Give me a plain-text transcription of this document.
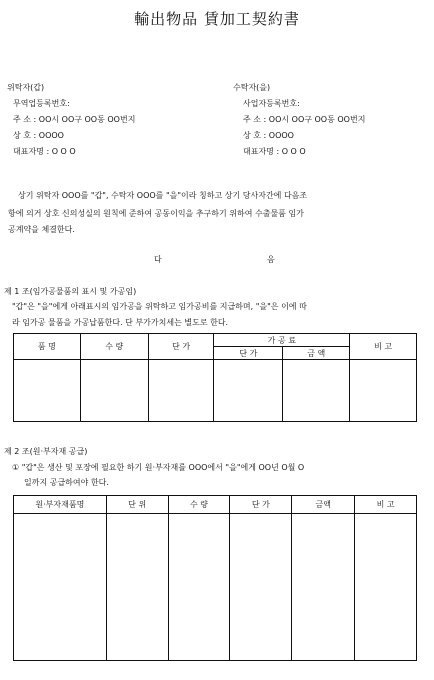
輸出物品 賃加工契約書
위탁자(갑)
무역업등록번호:
주 소 : OO시 OO구 OO동 OO번지
상 호 : OOOO
대표자명 : O O O
수탁자(을)
사업자등록번호:
주 소 : OO시 OO구 OO동 OO번지
상 호 : OOOO
대표자명 : O O O
상기 위탁자 OOO를 "갑", 수탁자 OOO를 "을"이라 칭하고 상기 당사자간에 다음조
항에 의거 상호 신의성실의 원칙에 준하여 공동이익을 추구하기 위하여 수출물품 임가
공계약을 체결한다.
다	음
제 1 조(임가공물품의 표시 및 가공임)
"갑"은 "을"에게 아래표시의 임가공을 위탁하고 임가공비를 지급하며, "을"은 이에 따
라 임가공 물품을 가공납품한다. 단 부가가치세는 별도로 한다.
품 명	수 량	단 가	가 공 료		비 고
			단 가	금 액	

제 2 조(원·부자재 공급)
① "갑"은 생산 및 포장에 필요한 하기 원·부자재를 OOO에서 "을"에게 OO년 O월 O
일까지 공급하여야 한다.
원·부자재품명	단 위	수 량	단 가	금액	비 고
